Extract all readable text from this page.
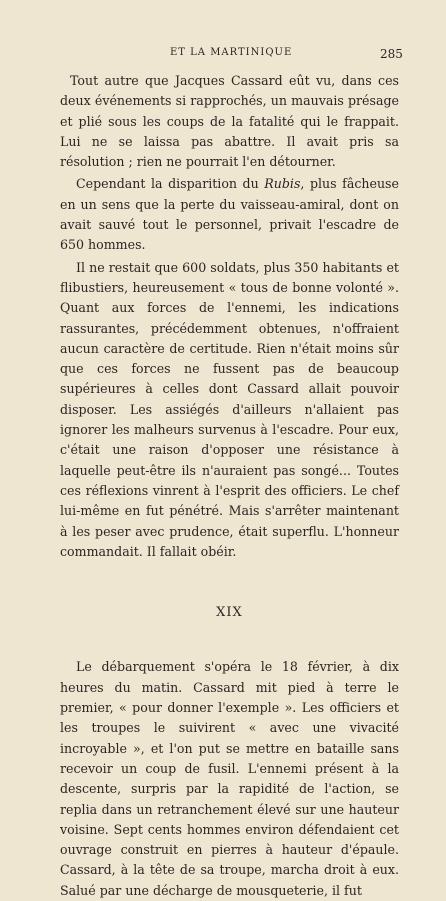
ET LA MARTINIQUE	285

Tout autre que Jacques Cassard eût vu, dans ces deux événements si rapprochés, un mauvais présage et plié sous les coups de la fatalité qui le frappait. Lui ne se laissa pas abattre. Il avait pris sa résolution ; rien ne pourrait l'en détourner.

Cependant la disparition du Rubis, plus fâcheuse en un sens que la perte du vaisseau-amiral, dont on avait sauvé tout le personnel, privait l'escadre de 650 hommes.

Il ne restait que 600 soldats, plus 350 habitants et flibustiers, heureusement « tous de bonne volonté ». Quant aux forces de l'ennemi, les indications rassurantes, précédemment obtenues, n'offraient aucun caractère de certitude. Rien n'était moins sûr que ces forces ne fussent pas de beaucoup supérieures à celles dont Cassard allait pouvoir disposer. Les assiégés d'ailleurs n'allaient pas ignorer les malheurs survenus à l'escadre. Pour eux, c'était une raison d'opposer une résistance à laquelle peut-être ils n'auraient pas songé... Toutes ces réflexions vinrent à l'esprit des officiers. Le chef lui-même en fut pénétré. Mais s'arrêter maintenant à les peser avec prudence, était superflu. L'honneur commandait. Il fallait obéir.

XIX

Le débarquement s'opéra le 18 février, à dix heures du matin. Cassard mit pied à terre le premier, « pour donner l'exemple ». Les officiers et les troupes le suivirent « avec une vivacité incroyable », et l'on put se mettre en bataille sans recevoir un coup de fusil. L'ennemi présent à la descente, surpris par la rapidité de l'action, se replia dans un retranchement élevé sur une hauteur voisine. Sept cents hommes environ défendaient cet ouvrage construit en pierres à hauteur d'épaule. Cassard, à la tête de sa troupe, marcha droit à eux. Salué par une décharge de mousqueterie, il fut
